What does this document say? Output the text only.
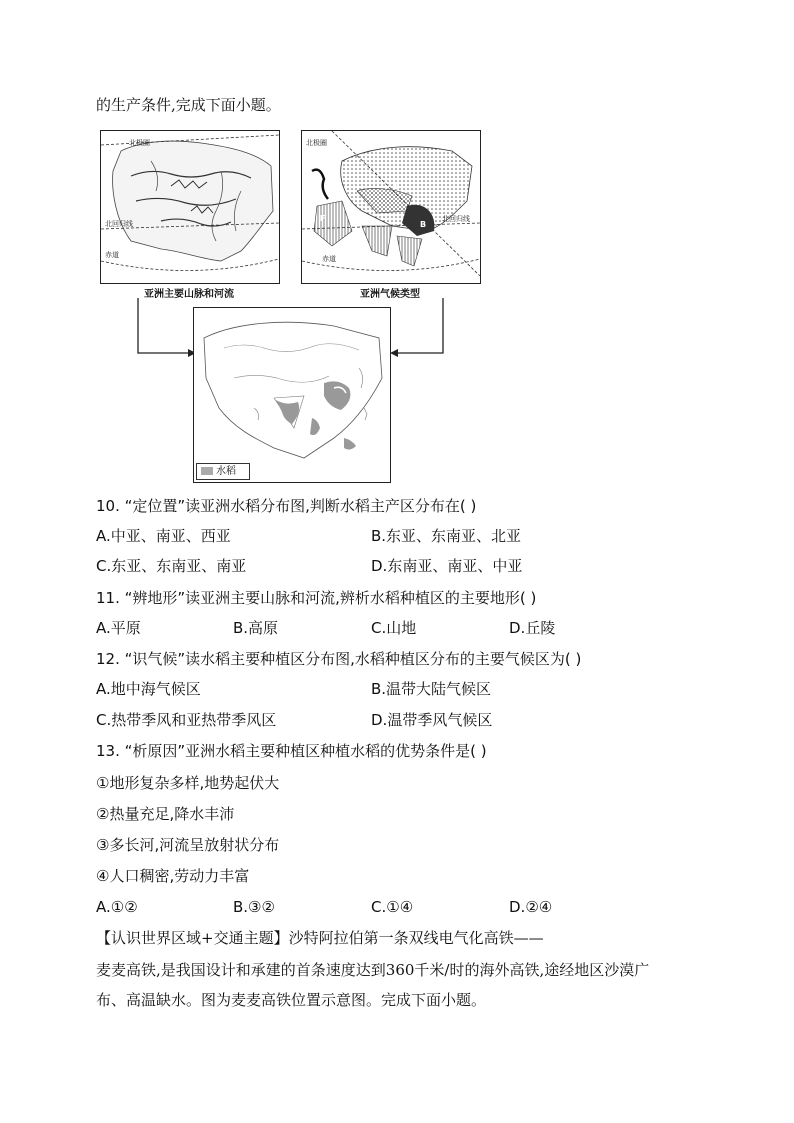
的生产条件,完成下面小题。
北极圈
北回归线
赤道
亚洲主要山脉和河流
北极圈
北回归线
赤道
E
F
B
亚洲气候类型
水稻
10. “定位置”读亚洲水稻分布图,判断水稻主产区分布在( )
A.中亚、南亚、西亚	B.东亚、东南亚、北亚
C.东亚、东南亚、南亚	D.东南亚、南亚、中亚
11. “辨地形”读亚洲主要山脉和河流,辨析水稻种植区的主要地形( )
A.平原	B.高原	C.山地	D.丘陵
12. “识气候”读水稻主要种植区分布图,水稻种植区分布的主要气候区为( )
A.地中海气候区	B.温带大陆气候区
C.热带季风和亚热带季风区	D.温带季风气候区
13. “析原因”亚洲水稻主要种植区种植水稻的优势条件是( )
①地形复杂多样,地势起伏大
②热量充足,降水丰沛
③多长河,河流呈放射状分布
④人口稠密,劳动力丰富
A.①②	B.③②	C.①④	D.②④
【认识世界区域+交通主题】沙特阿拉伯第一条双线电气化高铁——
麦麦高铁,是我国设计和承建的首条速度达到360千米/时的海外高铁,途经地区沙漠广
布、高温缺水。图为麦麦高铁位置示意图。完成下面小题。
